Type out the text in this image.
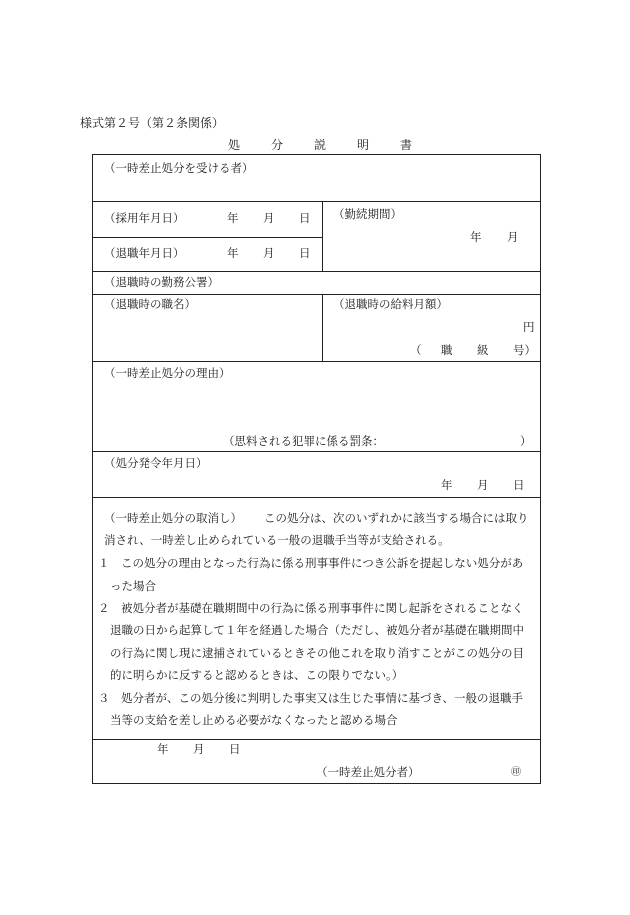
様式第２号（第２条関係）
処分説明書
（一時差止処分を受ける者）
（採用年月日）	年 月 日
（退職年月日）	年 月 日
（勤続期間）
年 月
（退職時の勤務公署）
（退職時の職名）	（退職時の給料月額）
円
（ 職 級 号）
（一時差止処分の理由）
（思料される犯罪に係る罰条：	）
（処分発令年月日）
年 月 日
（一時差止処分の取消し） この処分は、次のいずれかに該当する場合には取り
消され、一時差し止められている一般の退職手当等が支給される。
１ この処分の理由となった行為に係る刑事事件につき公訴を提起しない処分があ
った場合
２ 被処分者が基礎在職期間中の行為に係る刑事事件に関し起訴をされることなく
退職の日から起算して１年を経過した場合（ただし、被処分者が基礎在職期間中
の行為に関し現に逮捕されているときその他これを取り消すことがこの処分の目
的に明らかに反すると認めるときは、この限りでない。）
３ 処分者が、この処分後に判明した事実又は生じた事情に基づき、一般の退職手
当等の支給を差し止める必要がなくなったと認める場合
年 月 日
（一時差止処分者）	㊞
